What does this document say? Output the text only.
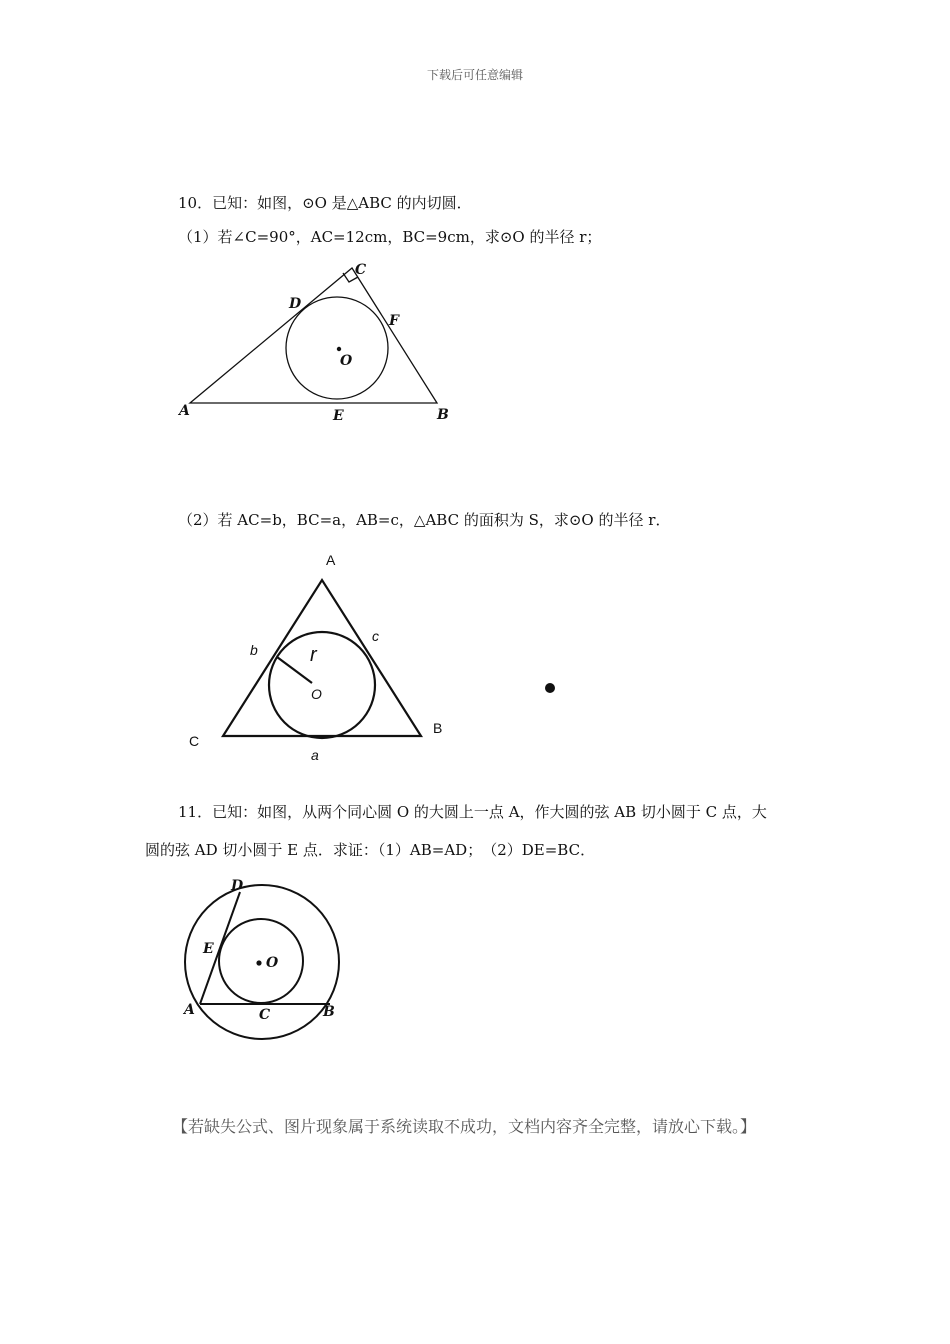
下载后可任意编辑
10．已知：如图，⊙O 是△ABC 的内切圆．
（1）若∠C=90°，AC=12cm，BC=9cm，求⊙O 的半径 r；
A	B
C
D
E
F
O
（2）若 AC=b，BC=a，AB=c，△ABC 的面积为 S，求⊙O 的半径 r．
A
B
C
a
b
c
r
O
11．已知：如图，从两个同心圆 O 的大圆上一点 A，作大圆的弦 AB 切小圆于 C 点，大
圆的弦 AD 切小圆于 E 点．求证：（1）AB=AD；　（2）DE=BC．
A	B
C
D
E
O
【若缺失公式、图片现象属于系统读取不成功，文档内容齐全完整，请放心下载。】
